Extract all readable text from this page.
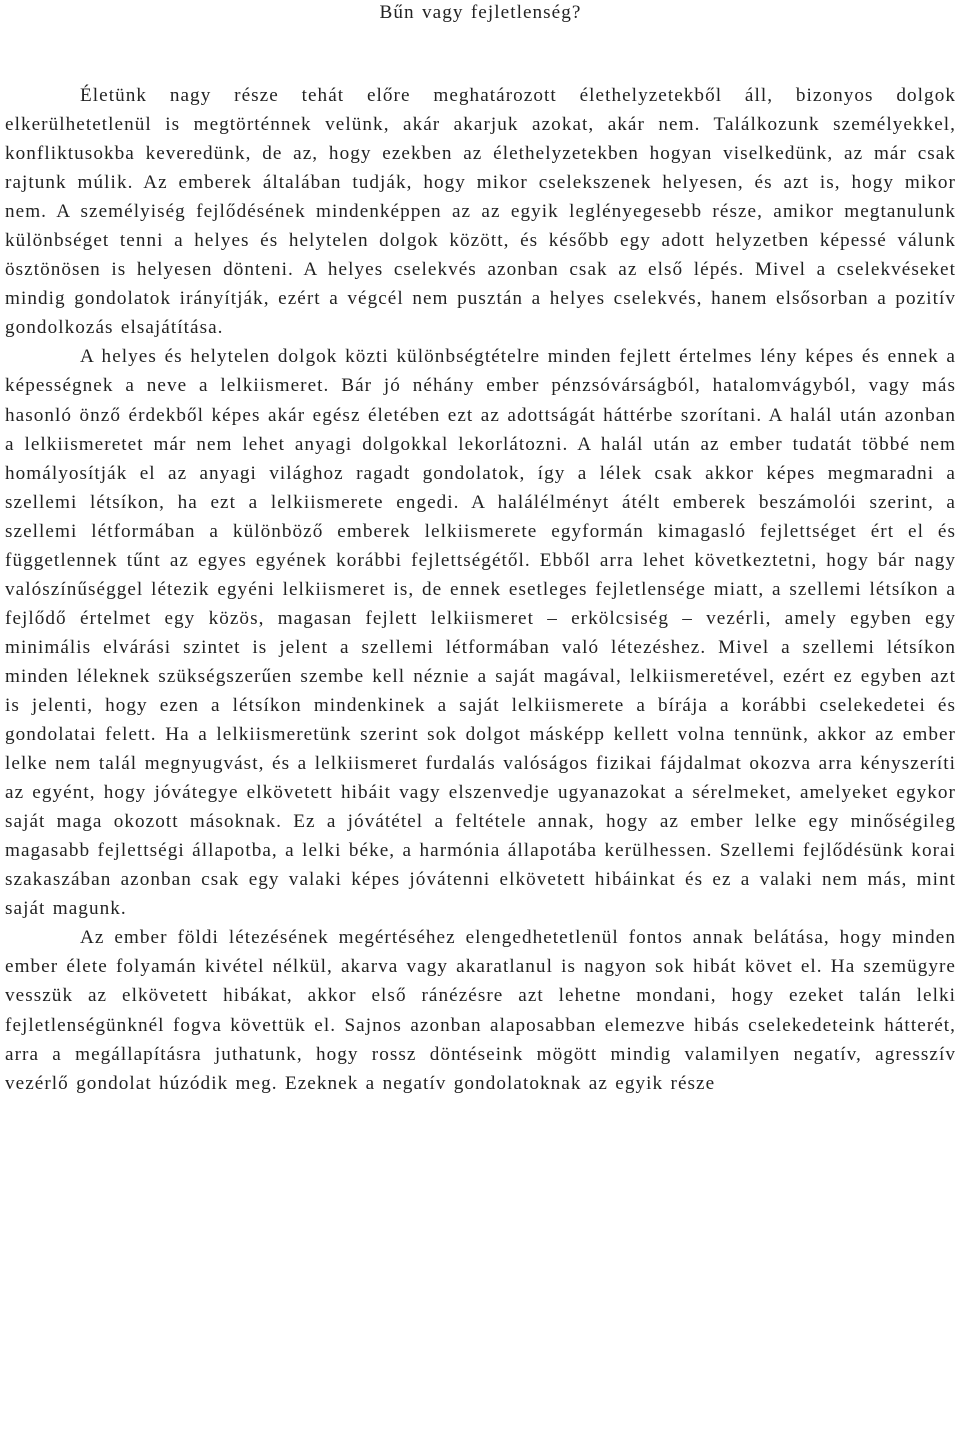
Bűn vagy fejletlenség?

Életünk nagy része tehát előre meghatározott élethelyzetekből áll, bizonyos dolgok elkerülhetetlenül is megtörténnek velünk, akár akarjuk azokat, akár nem. Találkozunk személyekkel, konfliktusokba keveredünk, de az, hogy ezekben az élethelyzetekben hogyan viselkedünk, az már csak rajtunk múlik. Az emberek általában tudják, hogy mikor cselekszenek helyesen, és azt is, hogy mikor nem. A személyiség fejlődésének mindenképpen az az egyik leglényegesebb része, amikor megtanulunk különbséget tenni a helyes és helytelen dolgok között, és később egy adott helyzetben képessé válunk ösztönösen is helyesen dönteni. A helyes cselekvés azonban csak az első lépés. Mivel a cselekvéseket mindig gondolatok irányítják, ezért a végcél nem pusztán a helyes cselekvés, hanem elsősorban a pozitív gondolkozás elsajátítása.

A helyes és helytelen dolgok közti különbségtételre minden fejlett értelmes lény képes és ennek a képességnek a neve a lelkiismeret. Bár jó néhány ember pénzsóvárságból, hatalomvágyból, vagy más hasonló önző érdekből képes akár egész életében ezt az adottságát háttérbe szorítani. A halál után azonban a lelkiismeretet már nem lehet anyagi dolgokkal lekorlátozni. A halál után az ember tudatát többé nem homályosítják el az anyagi világhoz ragadt gondolatok, így a lélek csak akkor képes megmaradni a szellemi létsíkon, ha ezt a lelkiismerete engedi. A halálélményt átélt emberek beszámolói szerint, a szellemi létformában a különböző emberek lelkiismerete egyformán kimagasló fejlettséget ért el és függetlennek tűnt az egyes egyének korábbi fejlettségétől. Ebből arra lehet következtetni, hogy bár nagy valószínűséggel létezik egyéni lelkiismeret is, de ennek esetleges fejletlensége miatt, a szellemi létsíkon a fejlődő értelmet egy közös, magasan fejlett lelkiismeret – erkölcsiség – vezérli, amely egyben egy minimális elvárási szintet is jelent a szellemi létformában való létezéshez. Mivel a szellemi létsíkon minden léleknek szükségszerűen szembe kell néznie a saját magával, lelkiismeretével, ezért ez egyben azt is jelenti, hogy ezen a létsíkon mindenkinek a saját lelkiismerete a bírája a korábbi cselekedetei és gondolatai felett. Ha a lelkiismeretünk szerint sok dolgot másképp kellett volna tennünk, akkor az ember lelke nem talál megnyugvást, és a lelkiismeret furdalás valóságos fizikai fájdalmat okozva arra kényszeríti az egyént, hogy jóvátegye elkövetett hibáit vagy elszenvedje ugyanazokat a sérelmeket, amelyeket egykor saját maga okozott másoknak. Ez a jóvátétel a feltétele annak, hogy az ember lelke egy minőségileg magasabb fejlettségi állapotba, a lelki béke, a harmónia állapotába kerülhessen. Szellemi fejlődésünk korai szakaszában azonban csak egy valaki képes jóvátenni elkövetett hibáinkat és ez a valaki nem más, mint saját magunk.

Az ember földi létezésének megértéséhez elengedhetetlenül fontos annak belátása, hogy minden ember élete folyamán kivétel nélkül, akarva vagy akaratlanul is nagyon sok hibát követ el. Ha szemügyre vesszük az elkövetett hibákat, akkor első ránézésre azt lehetne mondani, hogy ezeket talán lelki fejletlenségünknél fogva követtük el. Sajnos azonban alaposabban elemezve hibás cselekedeteink hátterét, arra a megállapításra juthatunk, hogy rossz döntéseink mögött mindig valamilyen negatív, agresszív vezérlő gondolat húzódik meg. Ezeknek a negatív gondolatoknak az egyik része
